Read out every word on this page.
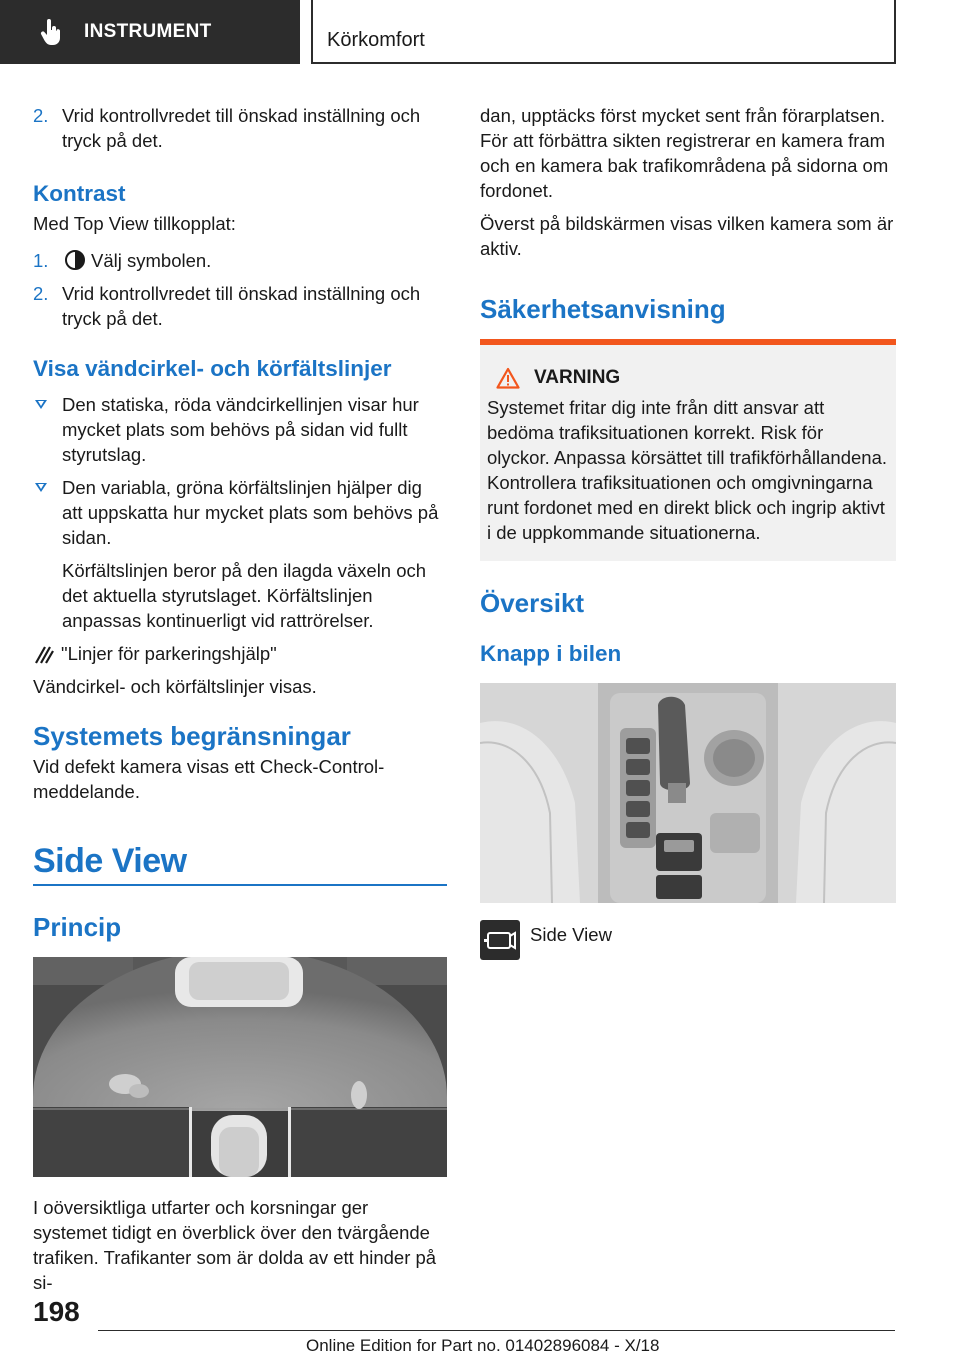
INSTRUMENT	Körkomfort
2. Vrid kontrollvredet till önskad inställning och tryck på det.
Kontrast
Med Top View tillkopplat:
1. Välj symbolen.
2. Vrid kontrollvredet till önskad inställning och tryck på det.
Visa vändcirkel- och körfältslinjer
Den statiska, röda vändcirkellinjen visar hur mycket plats som behövs på sidan vid fullt styrutslag.
Den variabla, gröna körfältslinjen hjälper dig att uppskatta hur mycket plats som behövs på sidan.
Körfältslinjen beror på den ilagda växeln och det aktuella styrutslaget. Körfältslinjen anpassas kontinuerligt vid rattrörelser.
"Linjer för parkeringshjälp"
Vändcirkel- och körfältslinjer visas.
Systemets begränsningar
Vid defekt kamera visas ett Check-Control-meddelande.
Side View
Princip
I oöversiktliga utfarter och korsningar ger systemet tidigt en överblick över den tvärgående trafiken. Trafikanter som är dolda av ett hinder på si-
dan, upptäcks först mycket sent från förarplatsen. För att förbättra sikten registrerar en kamera fram och en kamera bak trafikområdena på sidorna om fordonet.
Överst på bildskärmen visas vilken kamera som är aktiv.
Säkerhetsanvisning
VARNING
Systemet fritar dig inte från ditt ansvar att bedöma trafiksituationen korrekt. Risk för olyckor. Anpassa körsättet till trafikförhållandena. Kontrollera trafiksituationen och omgivningarna runt fordonet med en direkt blick och ingrip aktivt i de uppkommande situationerna.
Översikt
Knapp i bilen
Side View
198
Online Edition for Part no. 01402896084 - X/18
